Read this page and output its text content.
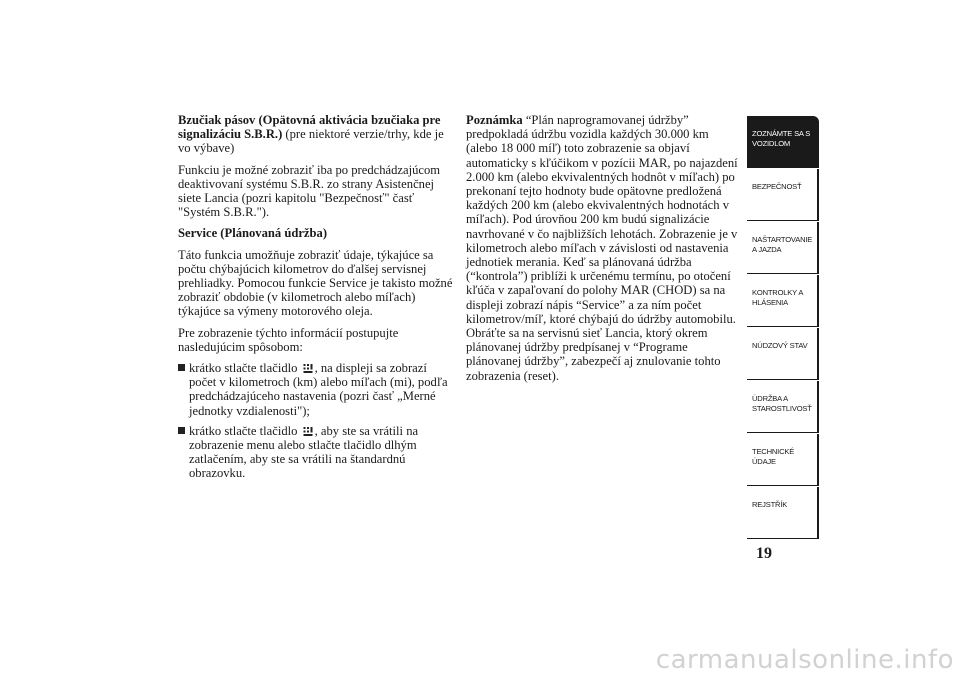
Bzučiak pásov (Opätovná aktivácia bzučiaka pre signalizáciu S.B.R.) (pre niektoré verzie/trhy, kde je vo výbave)

Funkciu je možné zobraziť iba po predchádzajúcom deaktivovaní systému S.B.R. zo strany Asistenčnej siete Lancia (pozri kapitolu "Bezpečnosť" časť "Systém S.B.R.").

Service (Plánovaná údržba)

Táto funkcia umožňuje zobraziť údaje, týkajúce sa počtu chýbajúcich kilometrov do ďalšej servisnej prehliadky. Pomocou funkcie Service je takisto možné zobraziť obdobie (v kilometroch alebo míľach) týkajúce sa výmeny motorového oleja.

Pre zobrazenie týchto informácií postupujte nasledujúcim spôsobom:

krátko stlačte tlačidlo , na displeji sa zobrazí počet v kilometroch (km) alebo míľach (mi), podľa predchádzajúceho nastavenia (pozri časť „Merné jednotky vzdialenosti");
krátko stlačte tlačidlo , aby ste sa vrátili na zobrazenie menu alebo stlačte tlačidlo dlhým zatlačením, aby ste sa vrátili na štandardnú obrazovku.

Poznámka “Plán naprogramovanej údržby” predpokladá údržbu vozidla každých 30.000 km (alebo 18 000 míľ) toto zobrazenie sa objaví automaticky s kľúčikom v pozícii MAR, po najazdení 2.000 km (alebo ekvivalentných hodnôt v míľach) po prekonaní tejto hodnoty bude opätovne predložená každých 200 km (alebo ekvivalentných hodnotách v míľach). Pod úrovňou 200 km budú signalizácie navrhované v čo najbližších lehotách. Zobrazenie je v kilometroch alebo míľach v závislosti od nastavenia jednotiek merania. Keď sa plánovaná údržba (“kontrola”) priblíži k určenému termínu, po otočení kľúča v zapaľovaní do polohy MAR (CHOD) sa na displeji zobrazí nápis “Service” a za ním počet kilometrov/míľ, ktoré chýbajú do údržby automobilu. Obráťte sa na servisnú sieť Lancia, ktorý okrem plánovanej údržby predpísanej v “Programe plánovanej údržby”, zabezpečí aj znulovanie tohto zobrazenia (reset).

ZOZNÁMTE SA S
VOZIDLOM
BEZPEČNOSŤ
NAŠTARTOVANIE
A JAZDA
KONTROLKY A
HLÁSENIA
NÚDZOVÝ STAV
ÚDRŽBA A
STAROSTLIVOSŤ
TECHNICKÉ
ÚDAJE
REJSTŘÍK
19
carmanualsonline.info
